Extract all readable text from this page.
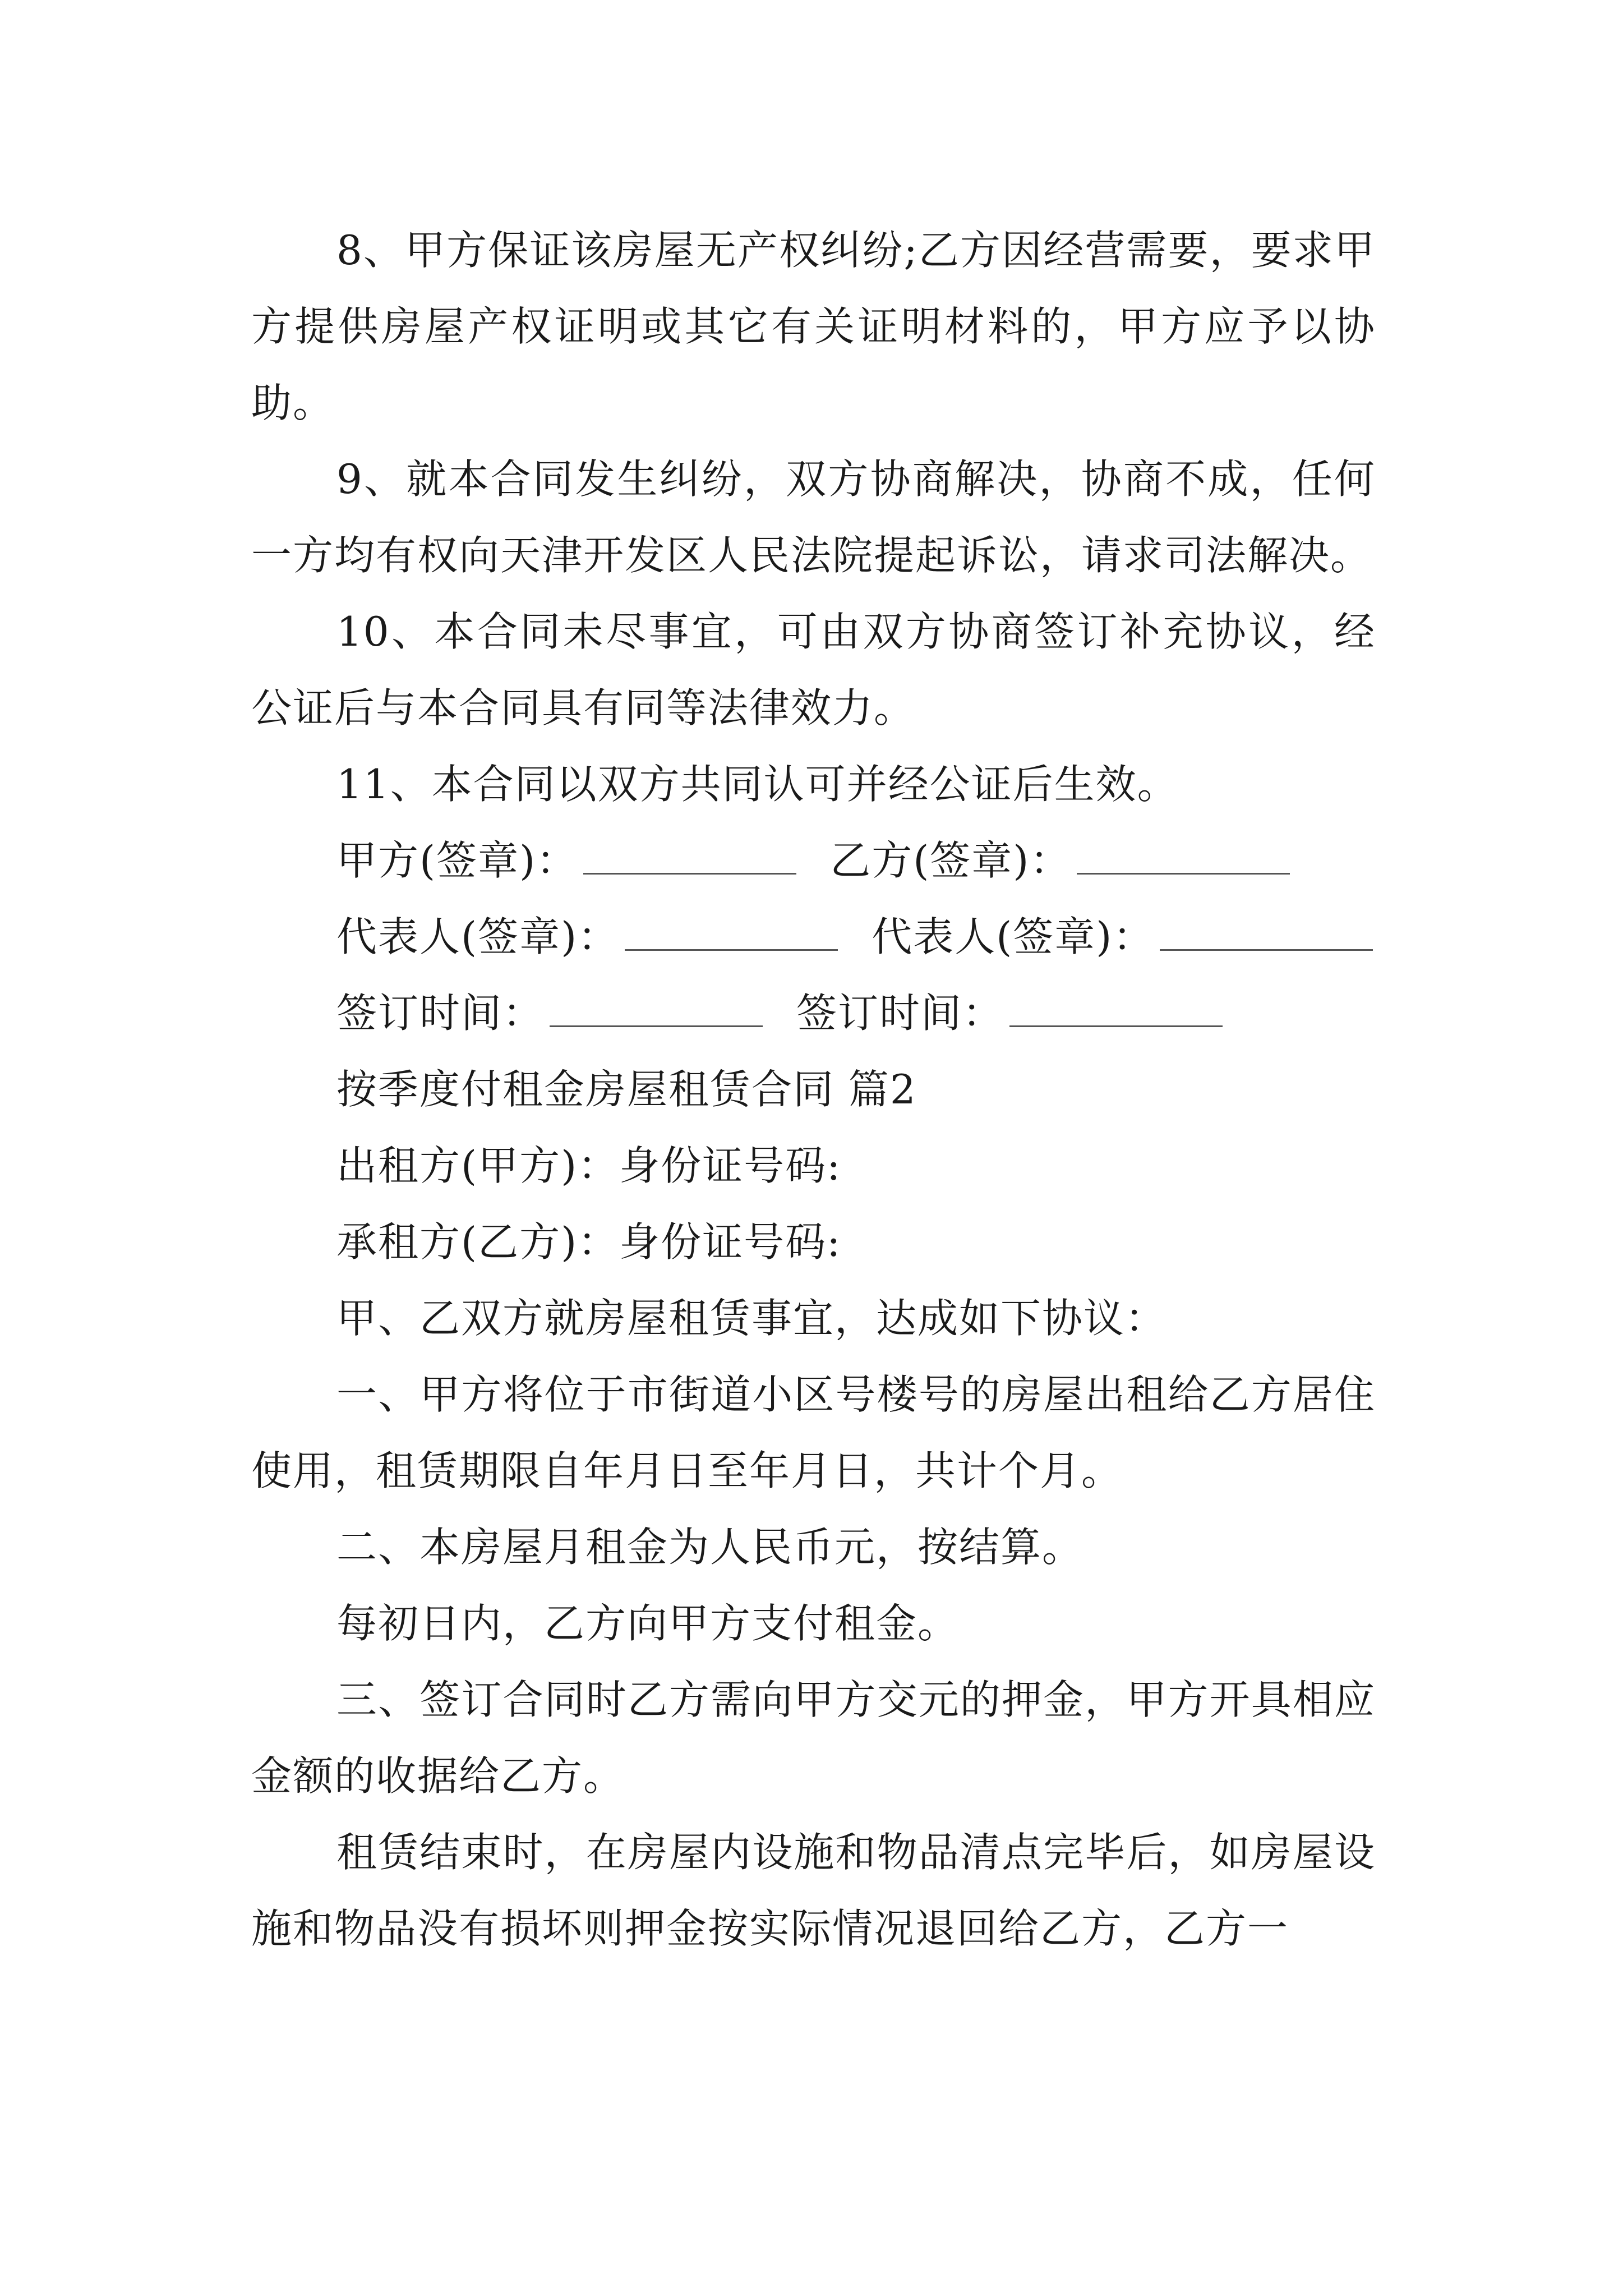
8、甲方保证该房屋无产权纠纷;乙方因经营需要，要求甲方提供房屋产权证明或其它有关证明材料的，甲方应予以协助。

9、就本合同发生纠纷，双方协商解决，协商不成，任何一方均有权向天津开发区人民法院提起诉讼，请求司法解决。

10、本合同未尽事宜，可由双方协商签订补充协议，经公证后与本合同具有同等法律效力。

11、本合同以双方共同认可并经公证后生效。

甲方(签章)：	乙方(签章)：
代表人(签章)：	代表人(签章)：
签订时间：	签订时间：

按季度付租金房屋租赁合同 篇2

出租方(甲方)：身份证号码:

承租方(乙方)：身份证号码:

甲、乙双方就房屋租赁事宜，达成如下协议：

一、甲方将位于市街道小区号楼号的房屋出租给乙方居住使用，租赁期限自年月日至年月日，共计个月。

二、本房屋月租金为人民币元，按结算。

每初日内，乙方向甲方支付租金。

三、签订合同时乙方需向甲方交元的押金，甲方开具相应金额的收据给乙方。

租赁结束时，在房屋内设施和物品清点完毕后，如房屋设施和物品没有损坏则押金按实际情况退回给乙方，乙方一
